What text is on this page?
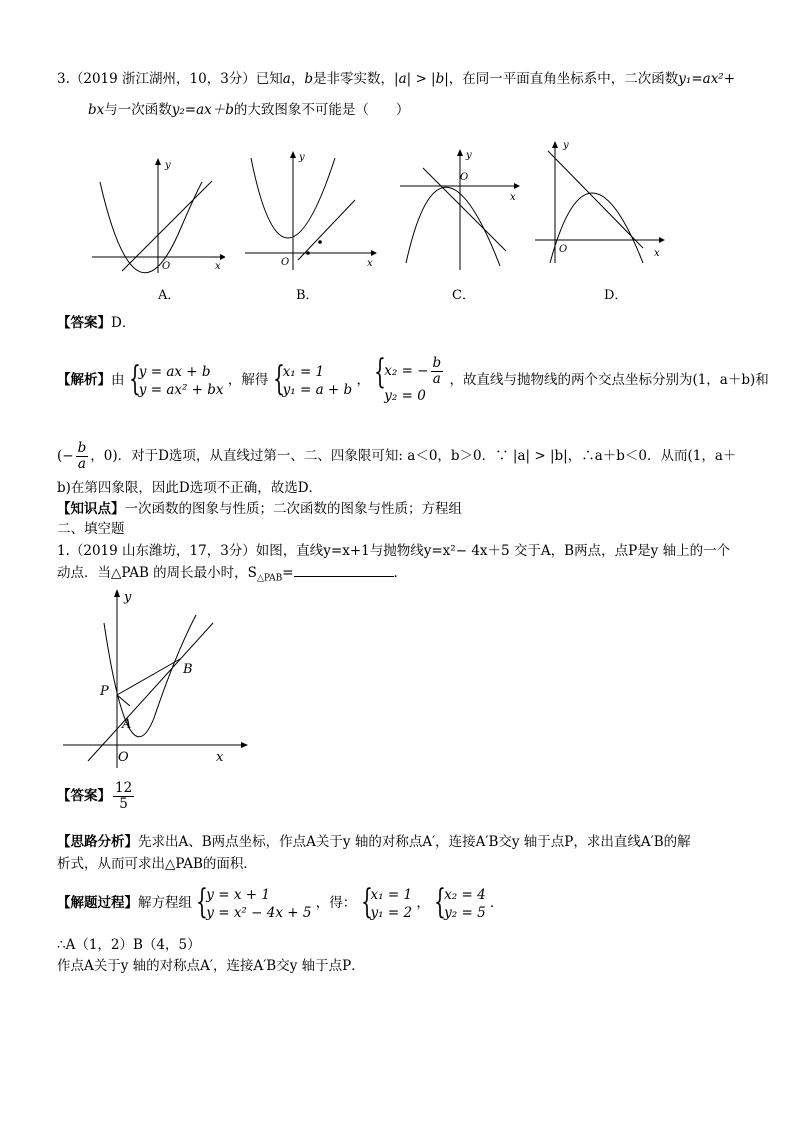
3.（2019 浙江湖州，10，3分）已知a，b是非零实数，|a| > |b|，在同一平面直角坐标系中，二次函数y₁=ax²+
bx与一次函数y₂=ax＋b的大致图象不可能是（　　）
y
O	x
A．
y
O	x
B．
y
O
x
C．
y
O	x
D．
【答案】D．
【解析】由 {
y = ax + b
y = ax² + bx
，解得 {
x₁ = 1
y₁ = a + b
， {
x₂ = − $\frac{b}{a}$
y₂ = 0
，故直线与抛物线的两个交点坐标分别为(1，a＋b)和
(− $\frac{b}{a}$ ，0)．对于D选项，从直线过第一、二、四象限可知: a＜0，b＞0．∵ |a| > |b|，∴a＋b＜0．从而(1，a＋
b)在第四象限，因此D选项不正确，故选D．
【知识点】一次函数的图象与性质；二次函数的图象与性质；方程组
二、填空题
1.（2019 山东潍坊，17，3分）如图，直线y=x+1与抛物线y=x²− 4x＋5 交于A，B两点，点P是y 轴上的一个
动点．当△PAB 的周长最小时，$S_{\triangle PAB}=$	．
y
x
O
P
A
B
【答案】 $\frac{12}{5}$
【思路分析】先求出A、B两点坐标，作点A关于y 轴的对称点A′，连接A′B交y 轴于点P，求出直线A′B的解
析式，从而可求出△PAB的面积．
【解题过程】解方程组 {
y = x + 1
y = x² − 4x + 5
，得： {
x₁ = 1
y₁ = 2
， {
x₂ = 4
y₂ = 5
．
∴A（1，2）B（4，5）
作点A关于y 轴的对称点A′，连接A′B交y 轴于点P．
